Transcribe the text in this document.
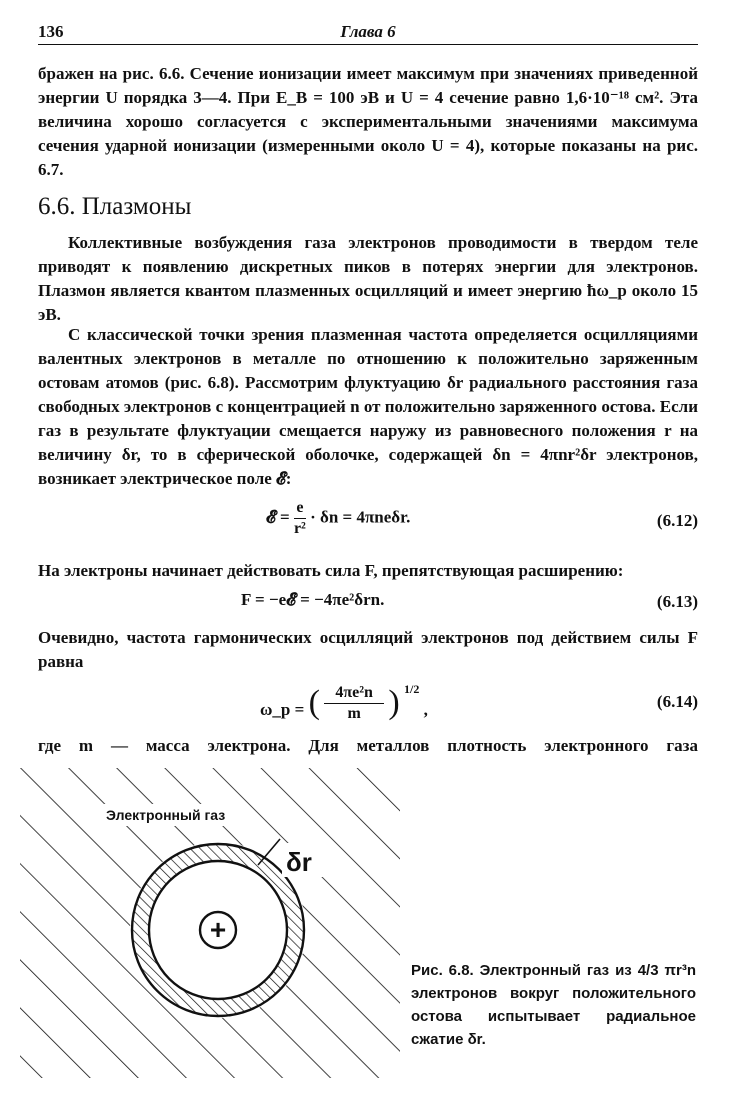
136	Глава 6

бражен на рис. 6.6. Сечение ионизации имеет максимум при значениях приведенной энергии U порядка 3—4. При E_B = 100 эВ и U = 4 сечение равно 1,6·10⁻¹⁸ см². Эта величина хорошо согласуется с экспериментальными значениями максимума сечения ударной ионизации (измеренными около U = 4), которые показаны на рис. 6.7.

6.6. Плазмоны

Коллективные возбуждения газа электронов проводимости в твердом теле приводят к появлению дискретных пиков в потерях энергии для электронов. Плазмон является квантом плазменных осцилляций и имеет энергию ħω_p около 15 эВ.

С классической точки зрения плазменная частота определяется осцилляциями валентных электронов в металле по отношению к положительно заряженным остовам атомов (рис. 6.8). Рассмотрим флуктуацию δr радиального расстояния газа свободных электронов с концентрацией n от положительно заряженного остова. Если газ в результате флуктуации смещается наружу из равновесного положения r на величину δr, то в сферической оболочке, содержащей δn = 4πnr²δr электронов, возникает электрическое поле 𝓔:

𝓔 = $\frac{e}{\text{r²}} \cdot \delta n = 4\pi ne\delta r$.	(6.12)

На электроны начинает действовать сила F, препятствующая расширению:

F = −e𝓔 = −4πe²δrn.	(6.13)

Очевидно, частота гармонических осцилляций электронов под действием силы F равна

ω_p = ( $\frac{\text{4πe²n}}{m}$ ) $^{1/2}$ ,	(6.14)

где m — масса электрона. Для металлов плотность электронного газа

Электронный газ
δr
+
Рис. 6.8. Электронный газ из 4/3 πr³n электронов вокруг положительного остова испытывает радиальное сжатие δr.
